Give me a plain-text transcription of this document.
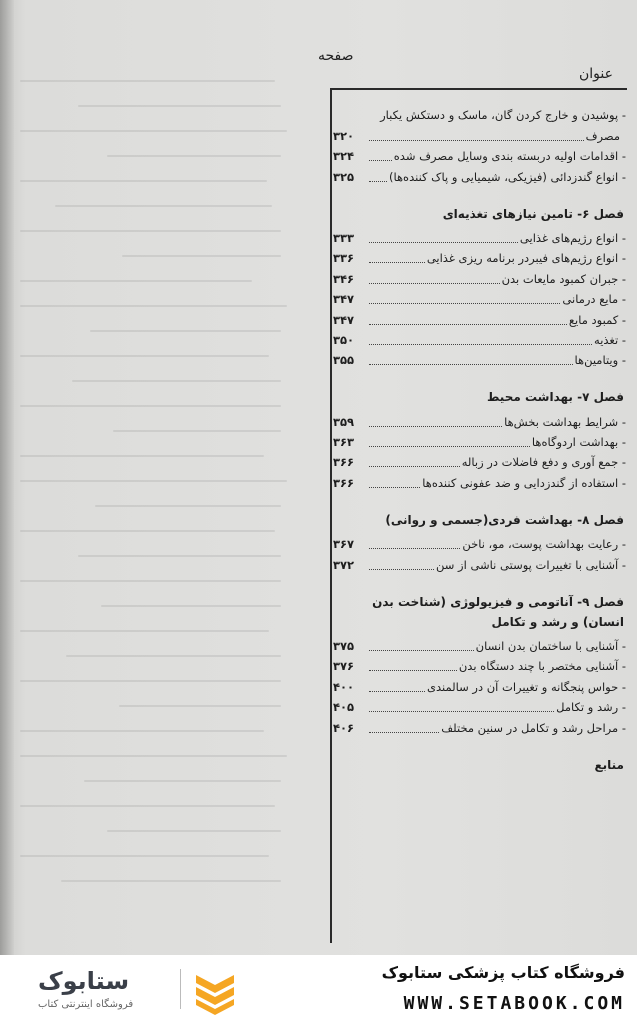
صفحه
عنوان
- پوشیدن و خارج کردن گان، ماسک و دستکش یکبار
مصرف
۳۲۰
- اقدامات اولیه دربسته بندی وسایل مصرف شده
۳۲۴
- انواع گندزدائی (فیزیکی، شیمیایی و پاک کننده‌ها)
۳۲۵
فصل ۶- تامین نیازهای تغذیه‌ای
- انواع رژیم‌های غذایی
۳۳۳
- انواع رژیم‌های فیبردر برنامه ریزی غذایی
۳۳۶
- جبران کمبود مایعات بدن
۳۴۶
- مایع درمانی
۳۴۷
- کمبود مایع
۳۴۷
- تغذیه
۳۵۰
- ویتامین‌ها
۳۵۵
فصل ۷- بهداشت محیط
- شرایط بهداشت بخش‌ها
۳۵۹
- بهداشت اردوگاه‌ها
۳۶۳
- جمع آوری و دفع فاضلات در زباله
۳۶۶
- استفاده از گندزدایی و ضد عفونی کننده‌ها
۳۶۶
فصل ۸- بهداشت فردی(جسمی و روانی)
- رعایت بهداشت پوست، مو، ناخن
۳۶۷
- آشنایی با تغییرات پوستی ناشی از سن
۳۷۲
فصل ۹- آناتومی و فیزیولوژی (شناخت بدن انسان) و رشد و تکامل
- آشنایی با ساختمان بدن انسان
۳۷۵
- آشنایی مختصر با چند دستگاه بدن
۳۷۶
- حواس پنجگانه و تغییرات آن در سالمندی
۴۰۰
- رشد و تکامل
۴۰۵
- مراحل رشد و تکامل در سنین مختلف
۴۰۶
منابع
فروشگاه کتاب پزشکی ستابوک
WWW.SETABOOK.COM
ستابوک
فروشگاه اینترنتی کتاب
